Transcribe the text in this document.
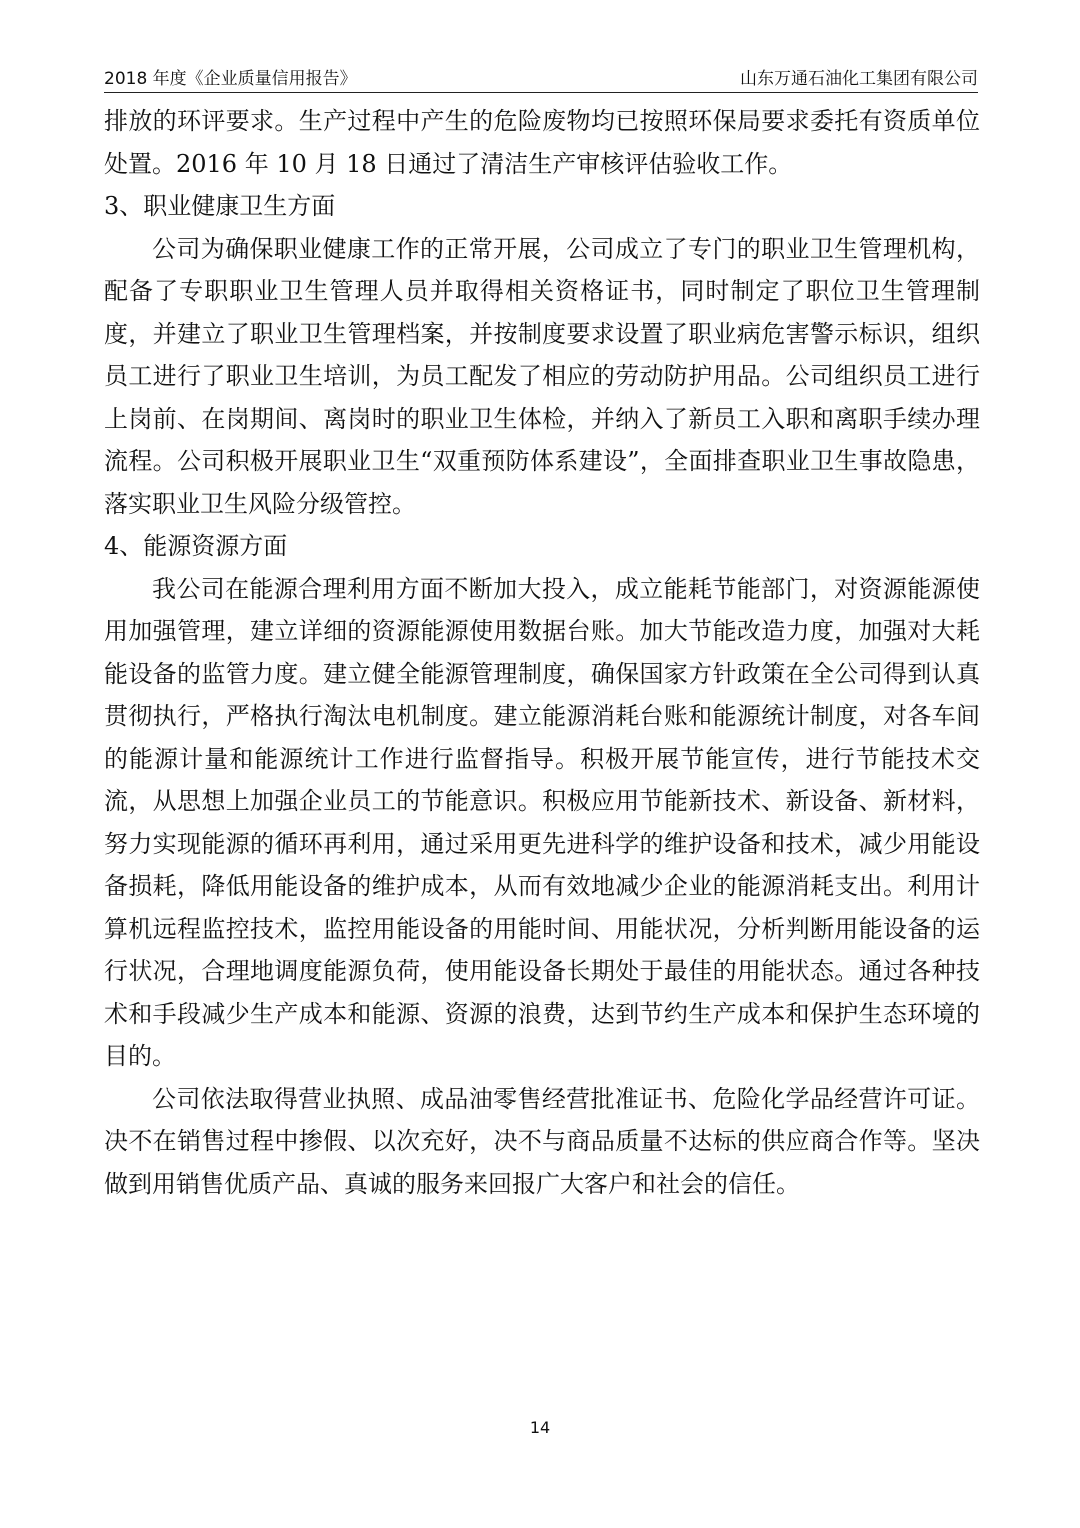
2018 年度《企业质量信用报告》	山东万通石油化工集团有限公司

排放的环评要求。生产过程中产生的危险废物均已按照环保局要求委托有资质单位处置。2016 年 10 月 18 日通过了清洁生产审核评估验收工作。

3、职业健康卫生方面

公司为确保职业健康工作的正常开展，公司成立了专门的职业卫生管理机构，配备了专职职业卫生管理人员并取得相关资格证书，同时制定了职位卫生管理制度，并建立了职业卫生管理档案，并按制度要求设置了职业病危害警示标识，组织员工进行了职业卫生培训，为员工配发了相应的劳动防护用品。公司组织员工进行上岗前、在岗期间、离岗时的职业卫生体检，并纳入了新员工入职和离职手续办理流程。公司积极开展职业卫生“双重预防体系建设”，全面排查职业卫生事故隐患，落实职业卫生风险分级管控。

4、能源资源方面

我公司在能源合理利用方面不断加大投入，成立能耗节能部门，对资源能源使用加强管理，建立详细的资源能源使用数据台账。加大节能改造力度，加强对大耗能设备的监管力度。建立健全能源管理制度，确保国家方针政策在全公司得到认真贯彻执行，严格执行淘汰电机制度。建立能源消耗台账和能源统计制度，对各车间的能源计量和能源统计工作进行监督指导。积极开展节能宣传，进行节能技术交流，从思想上加强企业员工的节能意识。积极应用节能新技术、新设备、新材料，努力实现能源的循环再利用，通过采用更先进科学的维护设备和技术，减少用能设备损耗，降低用能设备的维护成本，从而有效地减少企业的能源消耗支出。利用计算机远程监控技术，监控用能设备的用能时间、用能状况，分析判断用能设备的运行状况，合理地调度能源负荷，使用能设备长期处于最佳的用能状态。通过各种技术和手段减少生产成本和能源、资源的浪费，达到节约生产成本和保护生态环境的目的。

公司依法取得营业执照、成品油零售经营批准证书、危险化学品经营许可证。决不在销售过程中掺假、以次充好，决不与商品质量不达标的供应商合作等。坚决做到用销售优质产品、真诚的服务来回报广大客户和社会的信任。

14
